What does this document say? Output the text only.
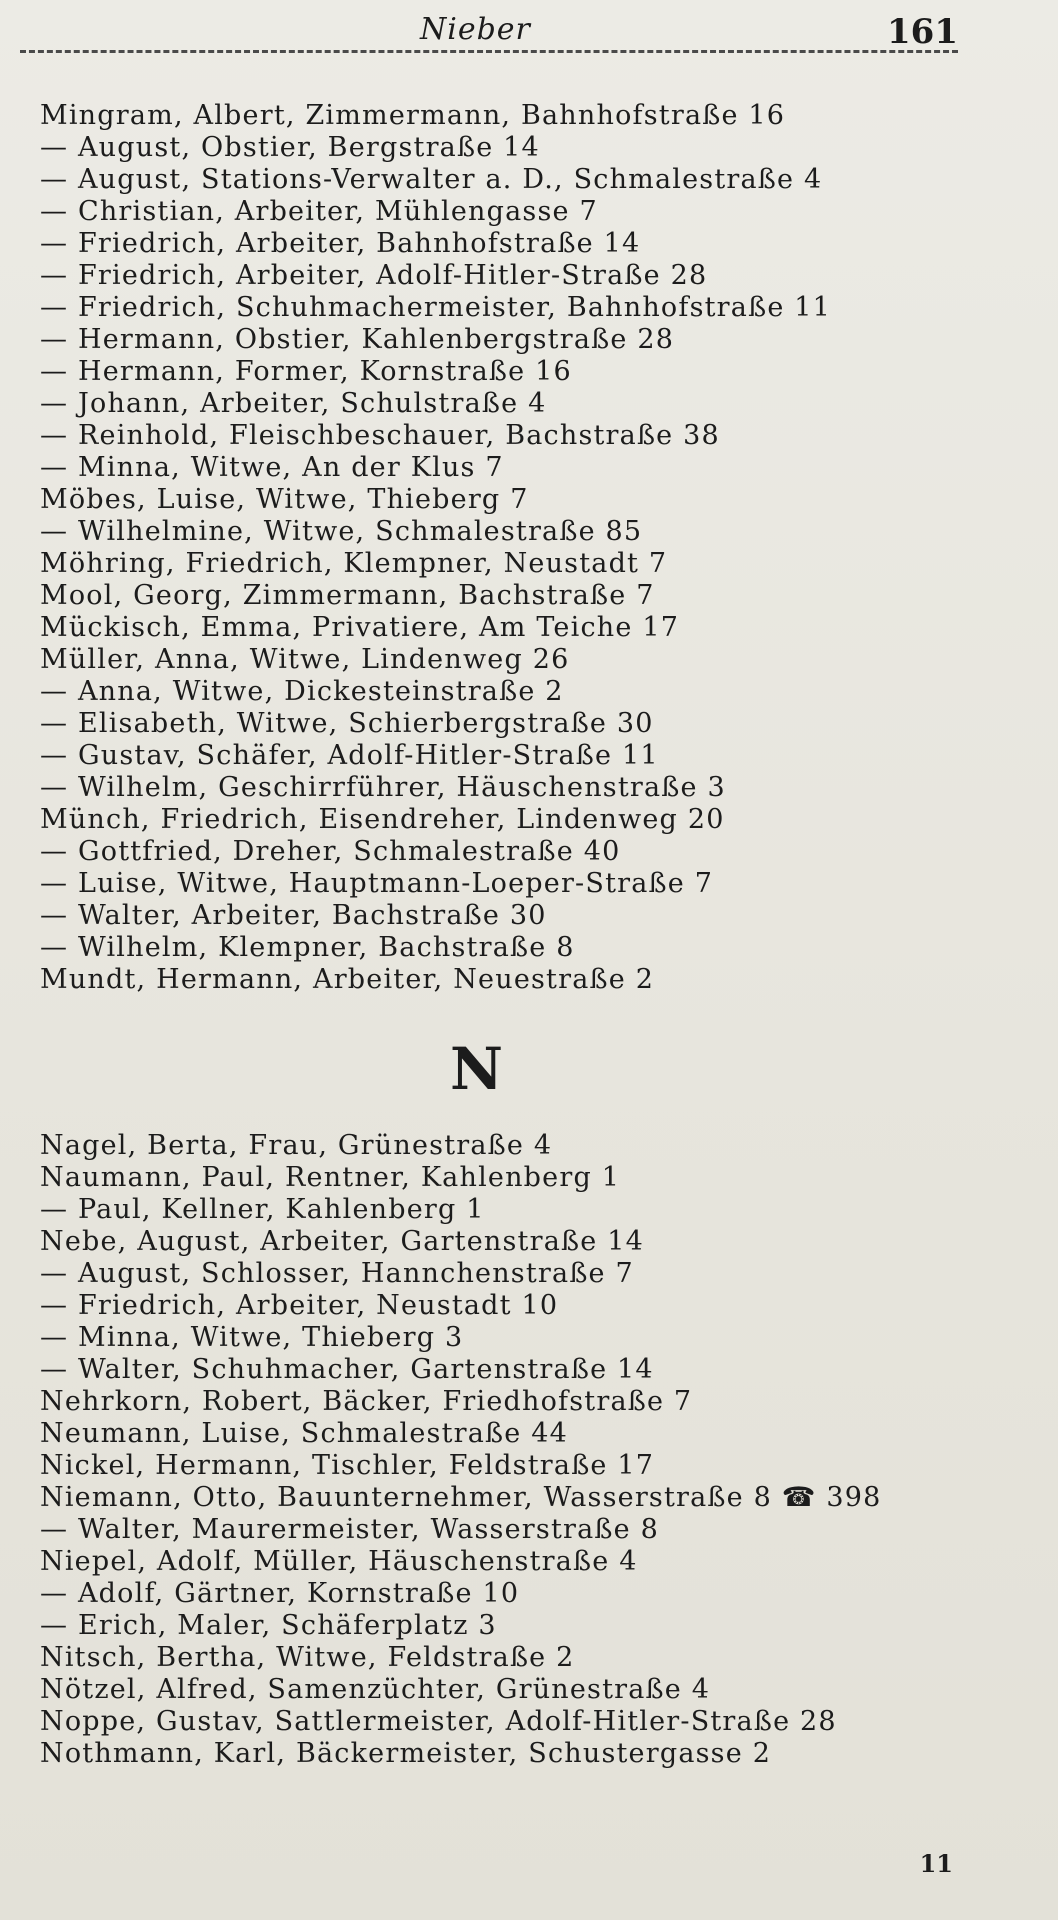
Nieber	161
Mingram, Albert, Zimmermann, Bahnhofstraße 16
— August, Obstier, Bergstraße 14
— August, Stations-Verwalter a. D., Schmalestraße 4
— Christian, Arbeiter, Mühlengasse 7
— Friedrich, Arbeiter, Bahnhofstraße 14
— Friedrich, Arbeiter, Adolf-Hitler-Straße 28
— Friedrich, Schuhmachermeister, Bahnhofstraße 11
— Hermann, Obstier, Kahlenbergstraße 28
— Hermann, Former, Kornstraße 16
— Johann, Arbeiter, Schulstraße 4
— Reinhold, Fleischbeschauer, Bachstraße 38
— Minna, Witwe, An der Klus 7
Möbes, Luise, Witwe, Thieberg 7
— Wilhelmine, Witwe, Schmalestraße 85
Möhring, Friedrich, Klempner, Neustadt 7
Mool, Georg, Zimmermann, Bachstraße 7
Mückisch, Emma, Privatiere, Am Teiche 17
Müller, Anna, Witwe, Lindenweg 26
— Anna, Witwe, Dickesteinstraße 2
— Elisabeth, Witwe, Schierbergstraße 30
— Gustav, Schäfer, Adolf-Hitler-Straße 11
— Wilhelm, Geschirrführer, Häuschenstraße 3
Münch, Friedrich, Eisendreher, Lindenweg 20
— Gottfried, Dreher, Schmalestraße 40
— Luise, Witwe, Hauptmann-Loeper-Straße 7
— Walter, Arbeiter, Bachstraße 30
— Wilhelm, Klempner, Bachstraße 8
Mundt, Hermann, Arbeiter, Neuestraße 2
N
Nagel, Berta, Frau, Grünestraße 4
Naumann, Paul, Rentner, Kahlenberg 1
— Paul, Kellner, Kahlenberg 1
Nebe, August, Arbeiter, Gartenstraße 14
— August, Schlosser, Hannchenstraße 7
— Friedrich, Arbeiter, Neustadt 10
— Minna, Witwe, Thieberg 3
— Walter, Schuhmacher, Gartenstraße 14
Nehrkorn, Robert, Bäcker, Friedhofstraße 7
Neumann, Luise, Schmalestraße 44
Nickel, Hermann, Tischler, Feldstraße 17
Niemann, Otto, Bauunternehmer, Wasserstraße 8 ☎ 398
— Walter, Maurermeister, Wasserstraße 8
Niepel, Adolf, Müller, Häuschenstraße 4
— Adolf, Gärtner, Kornstraße 10
— Erich, Maler, Schäferplatz 3
Nitsch, Bertha, Witwe, Feldstraße 2
Nötzel, Alfred, Samenzüchter, Grünestraße 4
Noppe, Gustav, Sattlermeister, Adolf-Hitler-Straße 28
Nothmann, Karl, Bäckermeister, Schustergasse 2
11
